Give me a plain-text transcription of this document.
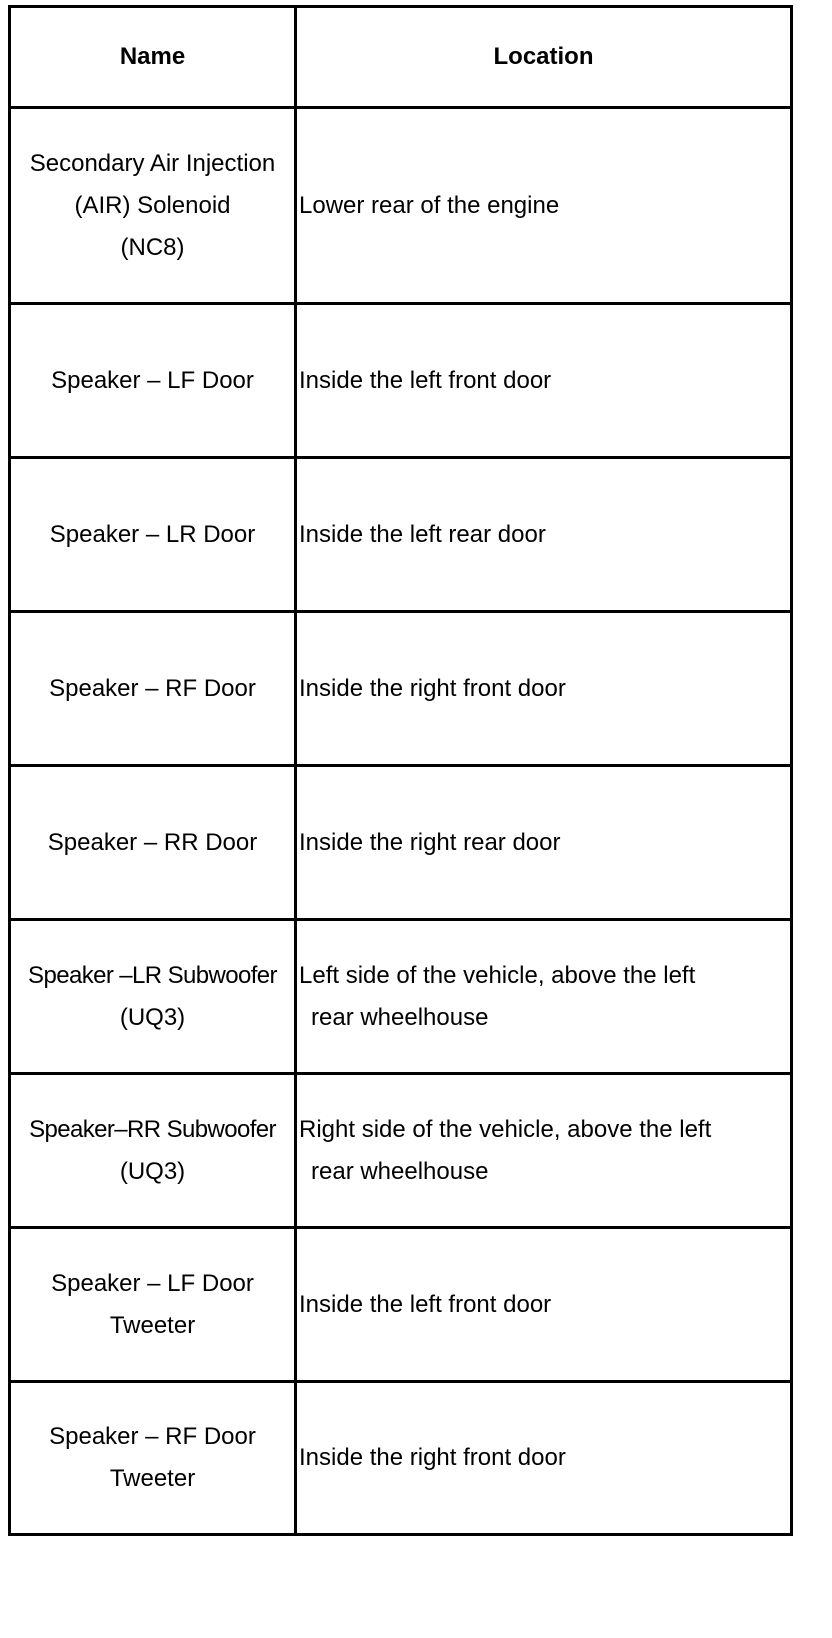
Name	Location

Secondary Air Injection
(AIR) Solenoid
(NC8)	Lower rear of the engine

Speaker – LF Door	Inside the left front door

Speaker – LR Door	Inside the left rear door

Speaker – RF Door	Inside the right front door

Speaker – RR Door	Inside the right rear door

Speaker –LR Subwoofer
(UQ3)	Left side of the vehicle, above the left
rear wheelhouse

Speaker–RR Subwoofer
(UQ3)	Right side of the vehicle, above the left
rear wheelhouse

Speaker – LF Door
Tweeter	Inside the left front door

Speaker – RF Door
Tweeter	Inside the right front door
